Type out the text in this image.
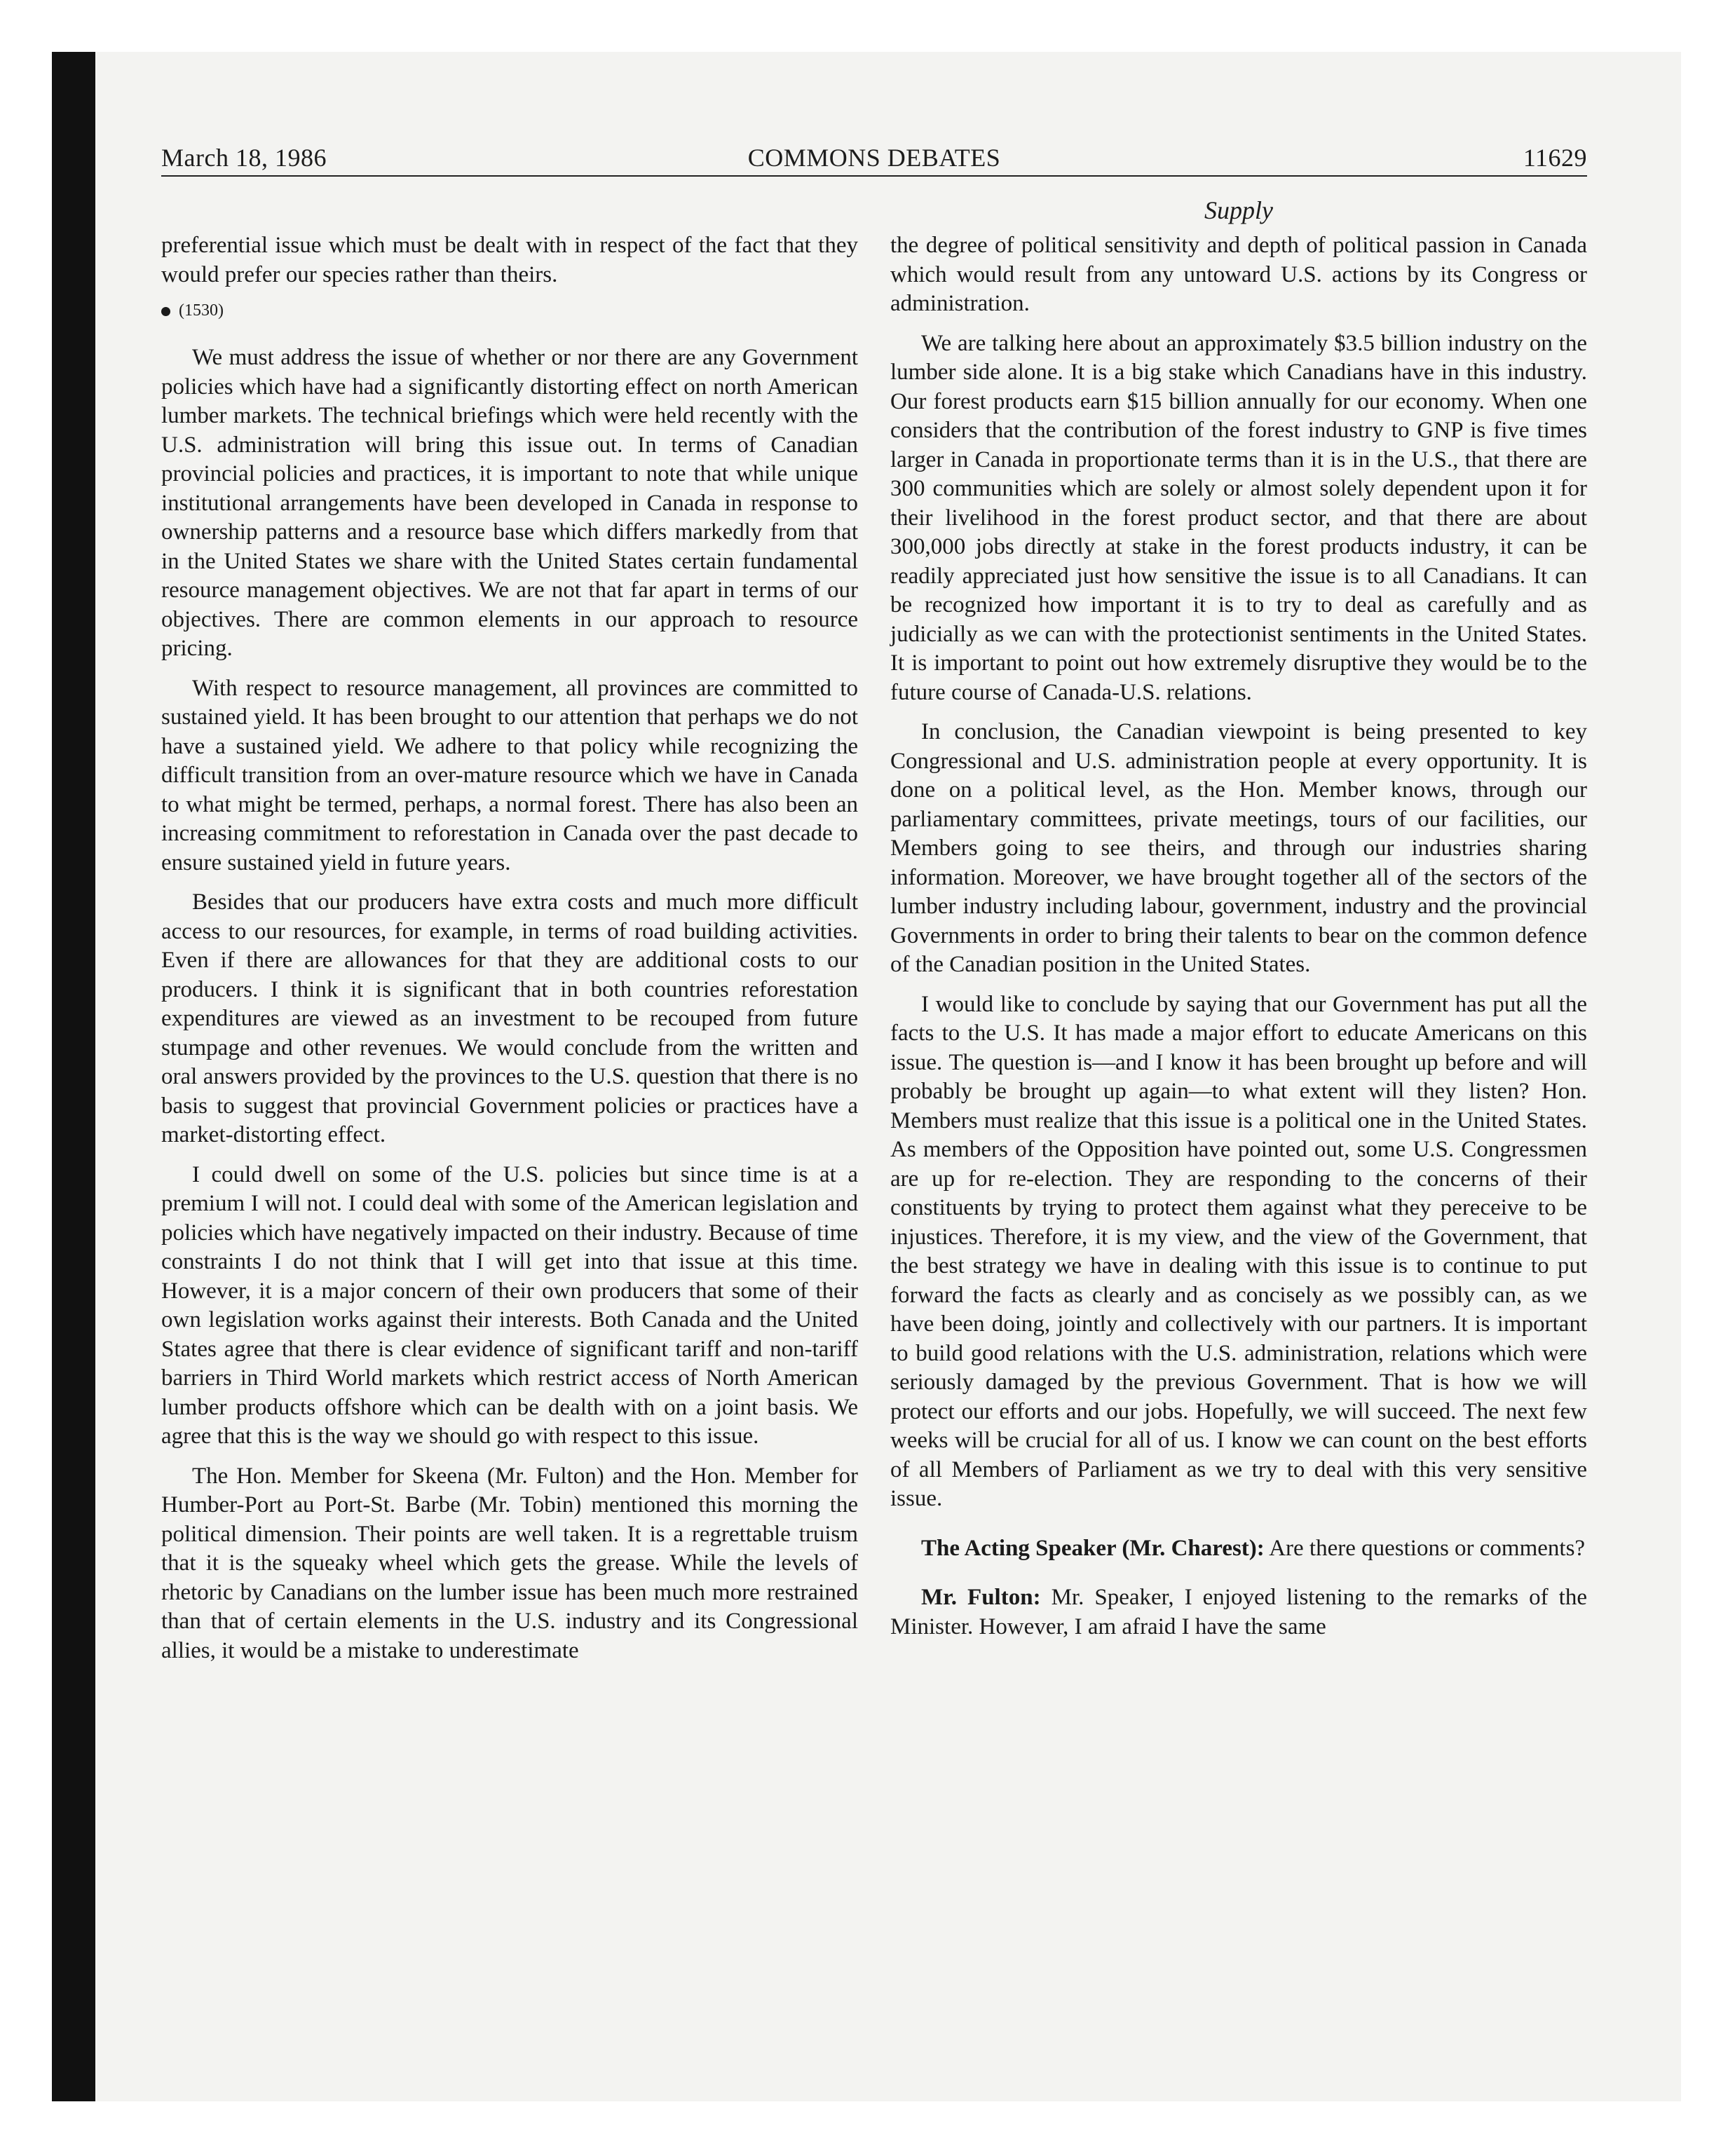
COMMONS DEBATES
March 18, 1986	11629
Supply

preferential issue which must be dealt with in respect of the fact that they would prefer our species rather than theirs.

(1530)

We must address the issue of whether or nor there are any Government policies which have had a significantly distorting effect on north American lumber markets. The technical briefings which were held recently with the U.S. administration will bring this issue out. In terms of Canadian provincial policies and practices, it is important to note that while unique institutional arrangements have been developed in Canada in response to ownership patterns and a resource base which differs markedly from that in the United States we share with the United States certain fundamental resource management objectives. We are not that far apart in terms of our objectives. There are common elements in our approach to resource pricing.

With respect to resource management, all provinces are committed to sustained yield. It has been brought to our attention that perhaps we do not have a sustained yield. We adhere to that policy while recognizing the difficult transition from an over-mature resource which we have in Canada to what might be termed, perhaps, a normal forest. There has also been an increasing commitment to reforestation in Canada over the past decade to ensure sustained yield in future years.

Besides that our producers have extra costs and much more difficult access to our resources, for example, in terms of road building activities. Even if there are allowances for that they are additional costs to our producers. I think it is significant that in both countries reforestation expenditures are viewed as an investment to be recouped from future stumpage and other revenues. We would conclude from the written and oral answers provided by the provinces to the U.S. question that there is no basis to suggest that provincial Government policies or practices have a market-distorting effect.

I could dwell on some of the U.S. policies but since time is at a premium I will not. I could deal with some of the American legislation and policies which have negatively impacted on their industry. Because of time constraints I do not think that I will get into that issue at this time. However, it is a major concern of their own producers that some of their own legislation works against their interests. Both Canada and the United States agree that there is clear evidence of significant tariff and non-tariff barriers in Third World markets which restrict access of North American lumber products offshore which can be dealth with on a joint basis. We agree that this is the way we should go with respect to this issue.

The Hon. Member for Skeena (Mr. Fulton) and the Hon. Member for Humber-Port au Port-St. Barbe (Mr. Tobin) mentioned this morning the political dimension. Their points are well taken. It is a regrettable truism that it is the squeaky wheel which gets the grease. While the levels of rhetoric by Canadians on the lumber issue has been much more restrained than that of certain elements in the U.S. industry and its Congressional allies, it would be a mistake to underestimate

the degree of political sensitivity and depth of political passion in Canada which would result from any untoward U.S. actions by its Congress or administration.

We are talking here about an approximately $3.5 billion industry on the lumber side alone. It is a big stake which Canadians have in this industry. Our forest products earn $15 billion annually for our economy. When one considers that the contribution of the forest industry to GNP is five times larger in Canada in proportionate terms than it is in the U.S., that there are 300 communities which are solely or almost solely dependent upon it for their livelihood in the forest product sector, and that there are about 300,000 jobs directly at stake in the forest products industry, it can be readily appreciated just how sensitive the issue is to all Canadians. It can be recognized how important it is to try to deal as carefully and as judicially as we can with the protectionist sentiments in the United States. It is important to point out how extremely disruptive they would be to the future course of Canada-U.S. relations.

In conclusion, the Canadian viewpoint is being presented to key Congressional and U.S. administration people at every opportunity. It is done on a political level, as the Hon. Member knows, through our parliamentary committees, private meetings, tours of our facilities, our Members going to see theirs, and through our industries sharing information. Moreover, we have brought together all of the sectors of the lumber industry including labour, government, industry and the provincial Governments in order to bring their talents to bear on the common defence of the Canadian position in the United States.

I would like to conclude by saying that our Government has put all the facts to the U.S. It has made a major effort to educate Americans on this issue. The question is—and I know it has been brought up before and will probably be brought up again—to what extent will they listen? Hon. Members must realize that this issue is a political one in the United States. As members of the Opposition have pointed out, some U.S. Congressmen are up for re-election. They are responding to the concerns of their constituents by trying to protect them against what they pereceive to be injustices. Therefore, it is my view, and the view of the Government, that the best strategy we have in dealing with this issue is to continue to put forward the facts as clearly and as concisely as we possibly can, as we have been doing, jointly and collectively with our partners. It is important to build good relations with the U.S. administration, relations which were seriously damaged by the previous Government. That is how we will protect our efforts and our jobs. Hopefully, we will succeed. The next few weeks will be crucial for all of us. I know we can count on the best efforts of all Members of Parliament as we try to deal with this very sensitive issue.

The Acting Speaker (Mr. Charest): Are there questions or comments?

Mr. Fulton: Mr. Speaker, I enjoyed listening to the remarks of the Minister. However, I am afraid I have the same
